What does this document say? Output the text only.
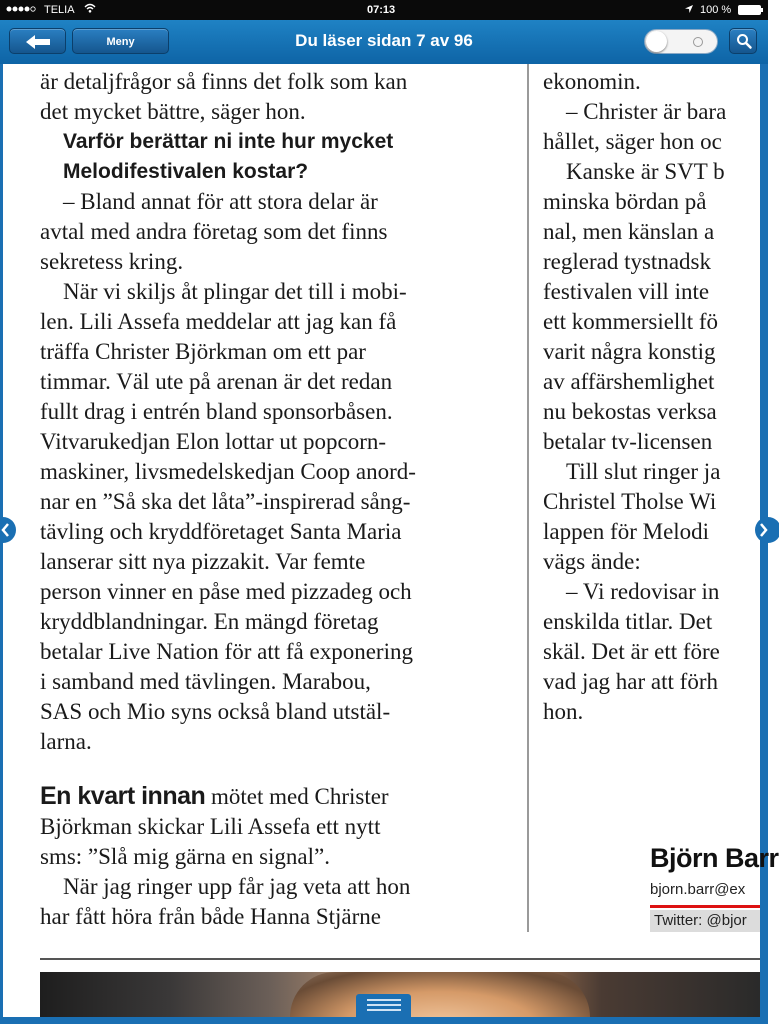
TELIA	07:13	100 %
Meny	Du läser sidan 7 av 96
är detaljfrågor så finns det folk som kan
det mycket bättre, säger hon.
Varför berättar ni inte hur mycket
Melodifestivalen kostar?
– Bland annat för att stora delar är
avtal med andra företag som det finns
sekretess kring.
När vi skiljs åt plingar det till i mobi-
len. Lili Assefa meddelar att jag kan få
träffa Christer Björkman om ett par
timmar. Väl ute på arenan är det redan
fullt drag i entrén bland sponsorbåsen.
Vitvarukedjan Elon lottar ut popcorn-
maskiner, livsmedelskedjan Coop anord-
nar en ”Så ska det låta”-inspirerad sång-
tävling och kryddföretaget Santa Maria
lanserar sitt nya pizzakit. Var femte
person vinner en påse med pizzadeg och
kryddblandningar. En mängd företag
betalar Live Nation för att få exponering
i samband med tävlingen. Marabou,
SAS och Mio syns också bland utstäl-
larna.
En kvart innan mötet med Christer
Björkman skickar Lili Assefa ett nytt
sms: ”Slå mig gärna en signal”.
När jag ringer upp får jag veta att hon
har fått höra från både Hanna Stjärne
ekonomin.
– Christer är bara
hållet, säger hon oc
Kanske är SVT b
minska bördan på
nal, men känslan a
reglerad tystnadsk
festivalen vill inte
ett kommersiellt fö
varit några konstig
av affärshemlighet
nu bekostas verksa
betalar tv-licensen
Till slut ringer ja
Christel Tholse Wi
lappen för Melodi
vägs ände:
– Vi redovisar in
enskilda titlar. Det
skäl. Det är ett före
vad jag har att förh
hon.
Björn Barr
bjorn.barr@ex
Twitter: @bjor
